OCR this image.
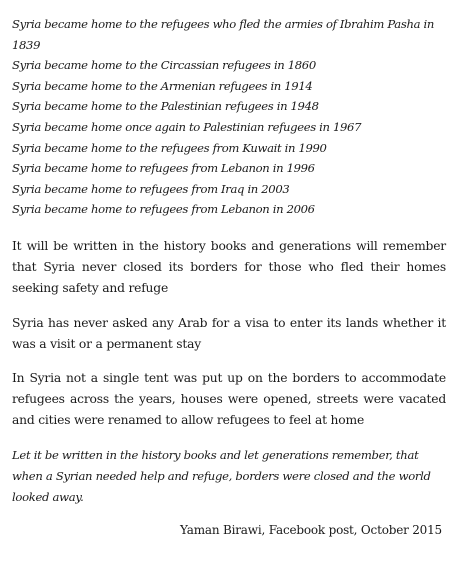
Syria became home to the refugees who fled the armies of Ibrahim Pasha in 1839
Syria became home to the Circassian refugees in 1860
Syria became home to the Armenian refugees in 1914
Syria became home to the Palestinian refugees in 1948
Syria became home once again to Palestinian refugees in 1967
Syria became home to the refugees from Kuwait in 1990
Syria became home to refugees from Lebanon in 1996
Syria became home to refugees from Iraq in 2003
Syria became home to refugees from Lebanon in 2006

It will be written in the history books and generations will remember that Syria never closed its borders for those who fled their homes seeking safety and refuge

Syria has never asked any Arab for a visa to enter its lands whether it was a visit or a permanent stay

In Syria not a single tent was put up on the borders to accommodate refugees across the years, houses were opened, streets were vacated and cities were renamed to allow refugees to feel at home

Let it be written in the history books and let generations remember, that when a Syrian needed help and refuge, borders were closed and the world looked away.

Yaman Birawi, Facebook post, October 2015
